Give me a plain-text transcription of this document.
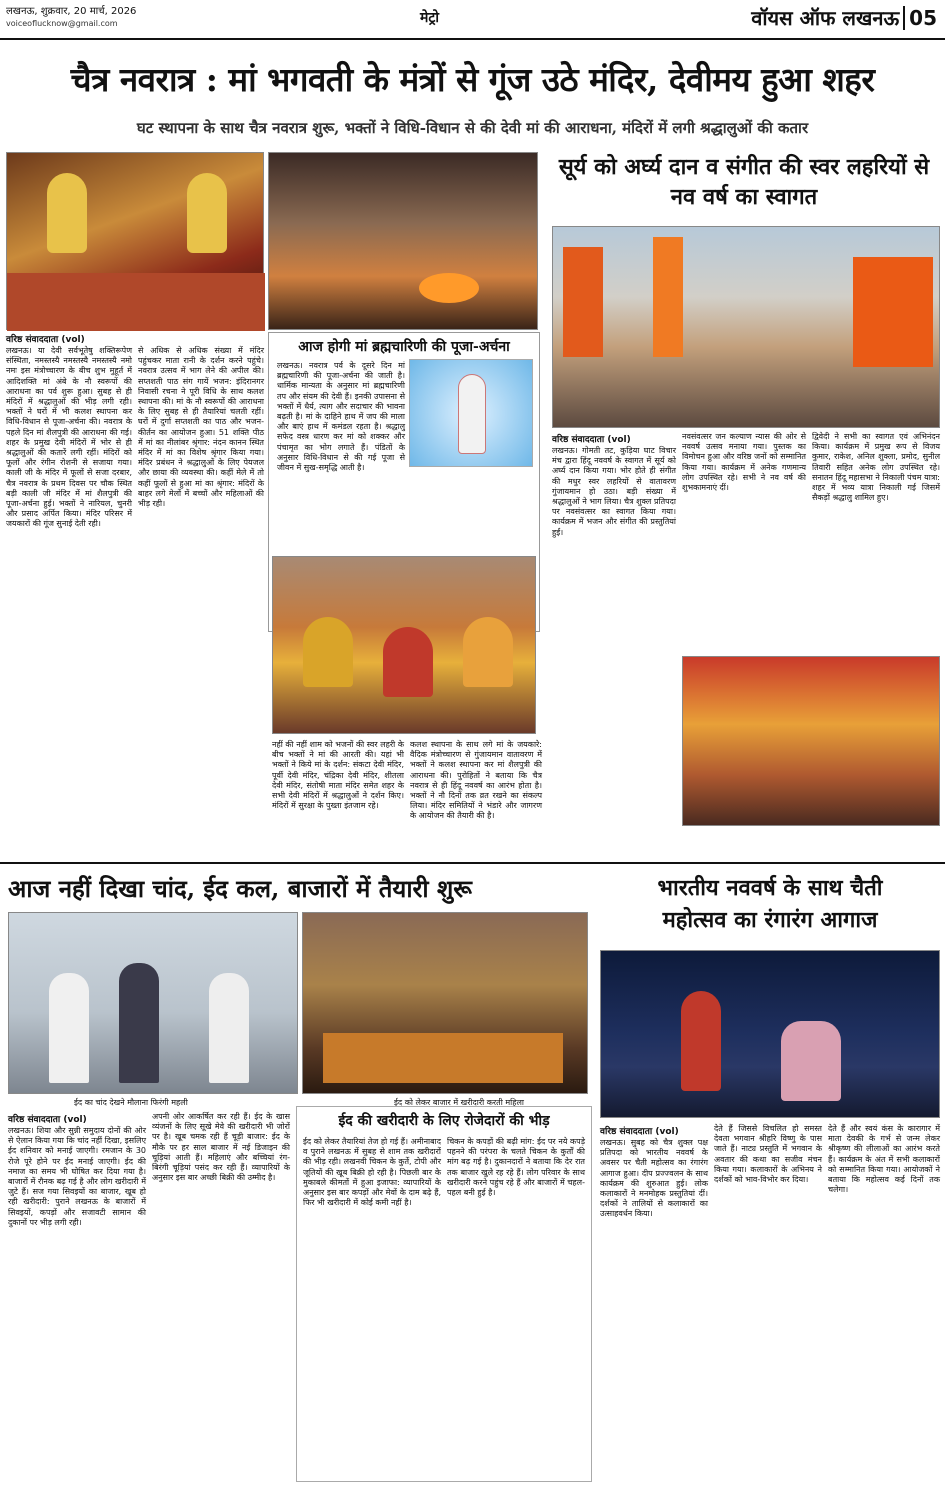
लखनऊ, शुक्रवार, 20 मार्च, 2026
voiceoflucknow@gmail.com	मेट्रो	वॉयस ऑफ लखनऊ 05
चैत्र नवरात्र : मां भगवती के मंत्रों से गूंज उठे मंदिर, देवीमय हुआ शहर
घट स्थापना के साथ चैत्र नवरात्र शुरू, भक्तों ने विधि-विधान से की देवी मां की आराधना, मंदिरों में लगी श्रद्धालुओं की कतार
वरिष्ठ संवाददाता (vol)
लखनऊ। या देवी सर्वभूतेषु शक्तिरूपेण संस्थिता, नमस्तस्यै नमस्तस्यै नमस्तस्यै नमो नमः इस मंत्रोच्चारण के बीच शुभ मुहूर्त में आदिशक्ति मां अंबे के नौ स्वरूपों की आराधना का पर्व शुरू हुआ। सुबह से ही मंदिरों में श्रद्धालुओं की भीड़ लगी रही। भक्तों ने घरों में भी कलश स्थापना कर विधि-विधान से पूजा-अर्चना की। नवरात्र के पहले दिन मां शैलपुत्री की आराधना की गई। शहर के प्रमुख देवी मंदिरों में भोर से ही श्रद्धालुओं की कतारें लगी रहीं। मंदिरों को फूलों और रंगीन रोशनी से सजाया गया। काली जी के मंदिर में फूलों से सजा दरबार, चैत्र नवरात्र के प्रथम दिवस पर चौक स्थित बड़ी काली जी मंदिर में मां शैलपुत्री की पूजा-अर्चना हुई। भक्तों ने नारियल, चुनरी और प्रसाद अर्पित किया। मंदिर परिसर में जयकारों की गूंज सुनाई देती रही।
से अधिक से अधिक संख्या में मंदिर पहुंचकर माता रानी के दर्शन करने पहुंचे। नवरात्र उत्सव में भाग लेने की अपील की। सप्तशती पाठ संग गायें भजन: इंदिरानगर निवासी रचना ने पूरी विधि के साथ कलश स्थापना की। मां के नौ स्वरूपों की आराधना के लिए सुबह से ही तैयारियां चलती रहीं। घरों में दुर्गा सप्तशती का पाठ और भजन-कीर्तन का आयोजन हुआ। 51 शक्ति पीठ में मां का नीलांबर श्रृंगार: नंदन कानन स्थित मंदिर में मां का विशेष श्रृंगार किया गया। मंदिर प्रबंधन ने श्रद्धालुओं के लिए पेयजल और छाया की व्यवस्था की। कहीं मेले में तो कहीं फूलों से हुआ मां का श्रृंगार: मंदिरों के बाहर लगे मेलों में बच्चों और महिलाओं की भीड़ रही।
आज होगी मां ब्रह्मचारिणी की पूजा-अर्चना
लखनऊ। नवरात्र पर्व के दूसरे दिन मां ब्रह्मचारिणी की पूजा-अर्चना की जाती है। धार्मिक मान्यता के अनुसार मां ब्रह्मचारिणी तप और संयम की देवी हैं। इनकी उपासना से भक्तों में धैर्य, त्याग और सदाचार की भावना बढ़ती है। मां के दाहिने हाथ में जप की माला और बाएं हाथ में कमंडल रहता है। श्रद्धालु सफेद वस्त्र धारण कर मां को शक्कर और पंचामृत का भोग लगाते हैं। पंडितों के अनुसार विधि-विधान से की गई पूजा से जीवन में सुख-समृद्धि आती है।
नहीं की नहीं शाम को भजनों की स्वर लहरी के बीच भक्तों ने मां की आरती की। यहां भी भक्तों ने किये मां के दर्शन: संकटा देवी मंदिर, पूर्वी देवी मंदिर, चंद्रिका देवी मंदिर, शीतला देवी मंदिर, संतोषी माता मंदिर समेत शहर के सभी देवी मंदिरों में श्रद्धालुओं ने दर्शन किए। मंदिरों में सुरक्षा के पुख्ता इंतजाम रहे।
कलश स्थापना के साथ लगे मां के जयकारे: वैदिक मंत्रोच्चारण से गुंजायमान वातावरण में भक्तों ने कलश स्थापना कर मां शैलपुत्री की आराधना की। पुरोहितों ने बताया कि चैत्र नवरात्र से ही हिंदू नववर्ष का आरंभ होता है। भक्तों ने नौ दिनों तक व्रत रखने का संकल्प लिया। मंदिर समितियों ने भंडारे और जागरण के आयोजन की तैयारी की है।
सूर्य को अर्घ्य दान व संगीत की स्वर लहरियों से नव वर्ष का स्वागत
वरिष्ठ संवाददाता (vol)
लखनऊ। गोमती तट, कुड़िया घाट विचार मंच द्वारा हिंदू नववर्ष के स्वागत में सूर्य को अर्घ्य दान किया गया। भोर होते ही संगीत की मधुर स्वर लहरियों से वातावरण गुंजायमान हो उठा। बड़ी संख्या में श्रद्धालुओं ने भाग लिया। चैत्र शुक्ल प्रतिपदा पर नवसंवत्सर का स्वागत किया गया। कार्यक्रम में भजन और संगीत की प्रस्तुतियां हुईं।
नवसंवत्सर जन कल्याण न्यास की ओर से नववर्ष उत्सव मनाया गया। पुस्तक का विमोचन हुआ और वरिष्ठ जनों को सम्मानित किया गया। कार्यक्रम में अनेक गणमान्य लोग उपस्थित रहे। सभी ने नव वर्ष की शुभकामनाएं दीं।
द्विवेदी ने सभी का स्वागत एवं अभिनंदन किया। कार्यक्रम में प्रमुख रूप से विजय कुमार, राकेश, अनिल शुक्ला, प्रमोद, सुनील तिवारी सहित अनेक लोग उपस्थित रहे। सनातन हिंदू महासभा ने निकाली पंचम यात्रा: शहर में भव्य यात्रा निकाली गई जिसमें सैकड़ों श्रद्धालु शामिल हुए।
आज नहीं दिखा चांद, ईद कल, बाजारों में तैयारी शुरू
ईद का चांद देखने मौलाना फिरंगी महली	ईद को लेकर बाजार में खरीदारी करती महिला
वरिष्ठ संवाददाता (vol)
लखनऊ। शिया और सुन्नी समुदाय दोनों की ओर से ऐलान किया गया कि चांद नहीं दिखा, इसलिए ईद शनिवार को मनाई जाएगी। रमजान के 30 रोजे पूरे होने पर ईद मनाई जाएगी। ईद की नमाज का समय भी घोषित कर दिया गया है। बाजारों में रौनक बढ़ गई है और लोग खरीदारी में जुटे हैं। सज गया सिवइयों का बाजार, खूब हो रही खरीदारी: पुराने लखनऊ के बाजारों में सिवइयों, कपड़ों और सजावटी सामान की दुकानों पर भीड़ लगी रही।
अपनी ओर आकर्षित कर रही हैं। ईद के खास व्यंजनों के लिए सूखे मेवे की खरीदारी भी जोरों पर है। खूब चमक रही हैं चूड़ी बाजार: ईद के मौके पर हर साल बाजार में नई डिजाइन की चूड़ियां आती हैं। महिलाएं और बच्चियां रंग-बिरंगी चूड़ियां पसंद कर रही हैं। व्यापारियों के अनुसार इस बार अच्छी बिक्री की उम्मीद है।
ईद की खरीदारी के लिए रोजेदारों की भीड़
ईद को लेकर तैयारियां तेज हो गई हैं। अमीनाबाद व पुराने लखनऊ में सुबह से शाम तक खरीदारों की भीड़ रही। लखनवी चिकन के कुर्ते, टोपी और जूतियों की खूब बिक्री हो रही है। पिछली बार के मुकाबले कीमतों में हुआ इजाफा: व्यापारियों के अनुसार इस बार कपड़ों और मेवों के दाम बढ़े हैं, फिर भी खरीदारी में कोई कमी नहीं है।
चिकन के कपड़ों की बढ़ी मांग: ईद पर नये कपड़े पहनने की परंपरा के चलते चिकन के कुर्तों की मांग बढ़ गई है। दुकानदारों ने बताया कि देर रात तक बाजार खुले रह रहे हैं। लोग परिवार के साथ खरीदारी करने पहुंच रहे हैं और बाजारों में चहल-पहल बनी हुई है।
भारतीय नववर्ष के साथ चैती
महोत्सव का रंगारंग आगाज
वरिष्ठ संवाददाता (vol)
लखनऊ। सुबह को चैत्र शुक्ल पक्ष प्रतिपदा को भारतीय नववर्ष के अवसर पर चैती महोत्सव का रंगारंग आगाज हुआ। दीप प्रज्ज्वलन के साथ कार्यक्रम की शुरुआत हुई। लोक कलाकारों ने मनमोहक प्रस्तुतियां दीं। दर्शकों ने तालियों से कलाकारों का उत्साहवर्धन किया।
देते हैं जिससे विचलित हो समस्त देवता भगवान श्रीहरि विष्णु के पास जाते हैं। नाट्य प्रस्तुति में भगवान के अवतार की कथा का सजीव मंचन किया गया। कलाकारों के अभिनय ने दर्शकों को भाव-विभोर कर दिया।
देते हैं और स्वयं कंस के कारागार में माता देवकी के गर्भ से जन्म लेकर श्रीकृष्ण की लीलाओं का आरंभ करते हैं। कार्यक्रम के अंत में सभी कलाकारों को सम्मानित किया गया। आयोजकों ने बताया कि महोत्सव कई दिनों तक चलेगा।
